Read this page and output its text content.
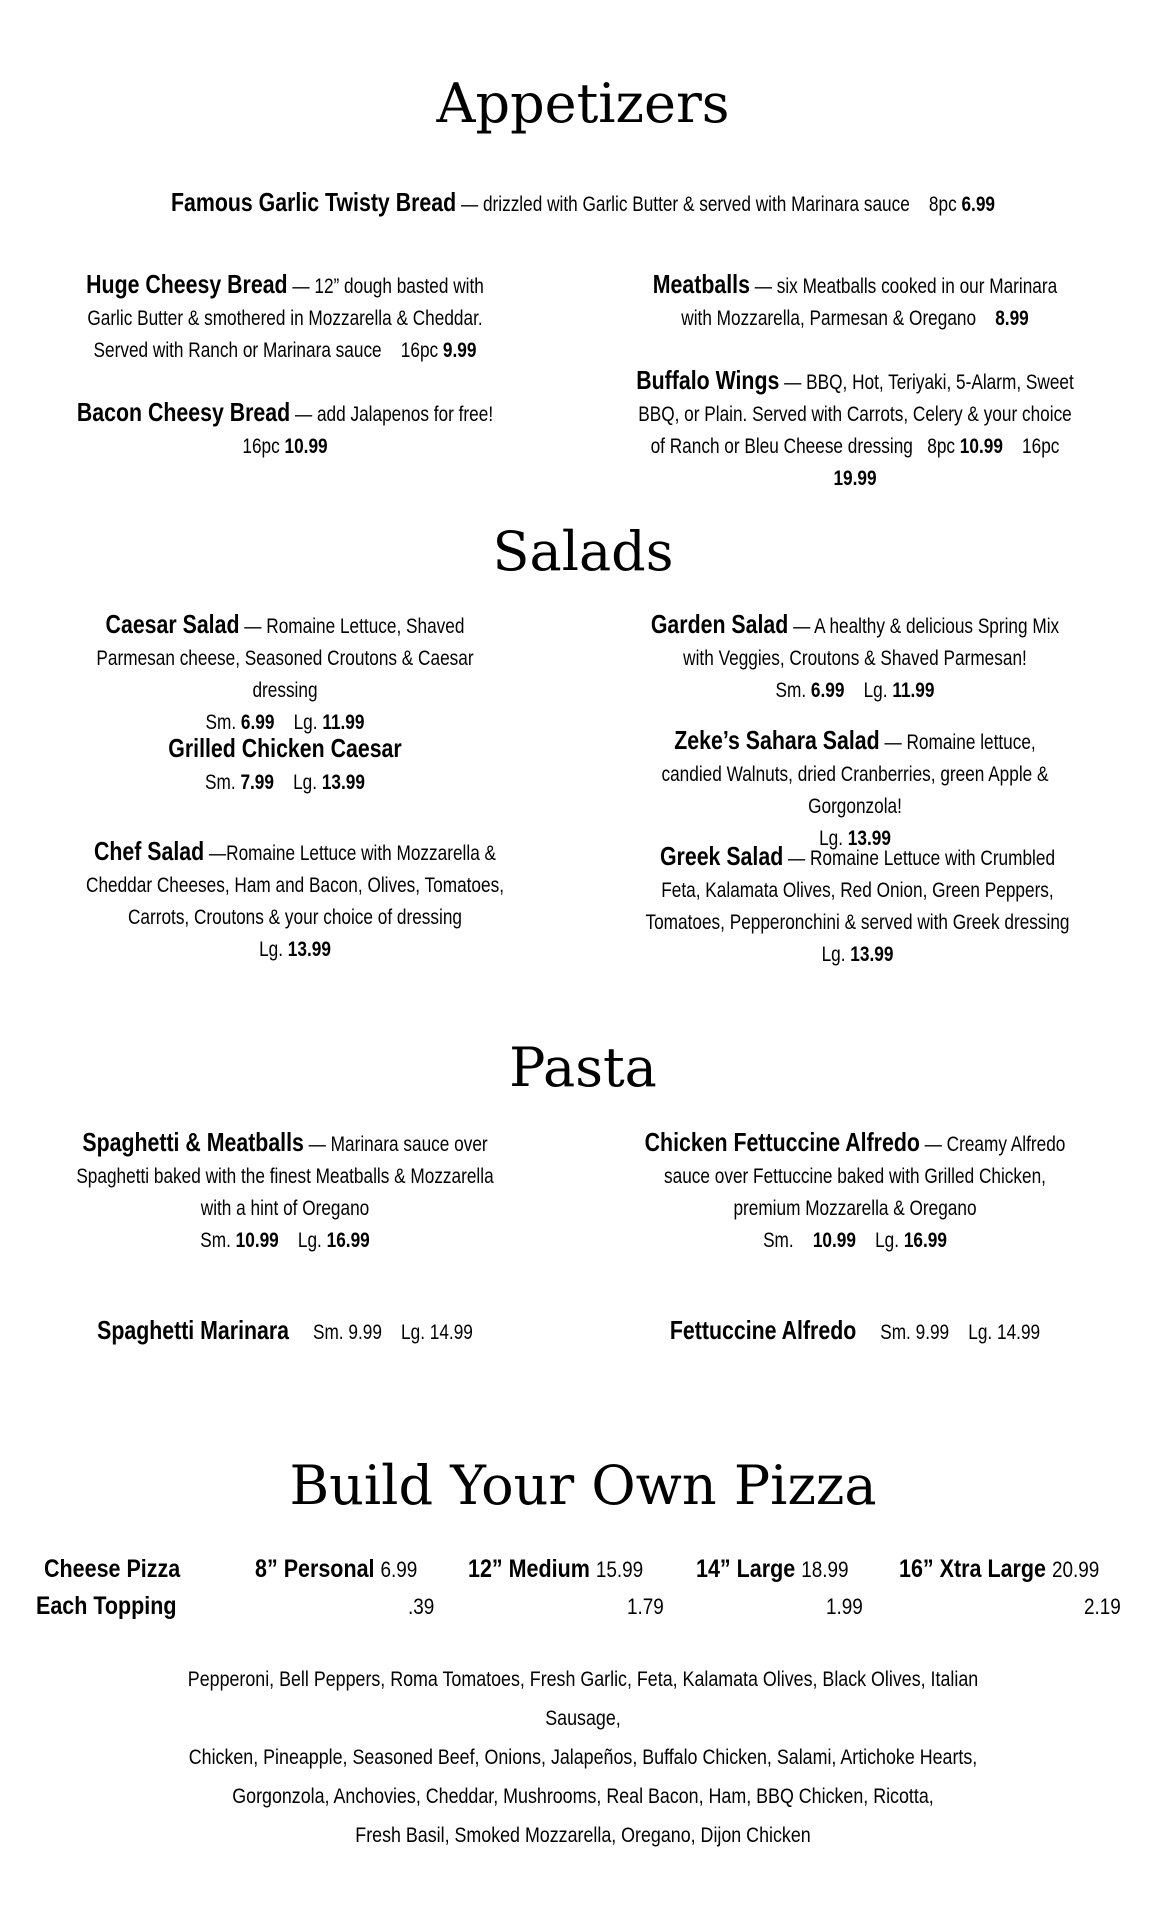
Appetizers
Famous Garlic Twisty Bread — drizzled with Garlic Butter & served with Marinara sauce 8pc 6.99
Huge Cheesy Bread — 12” dough basted with Garlic Butter & smothered in Mozzarella & Cheddar. Served with Ranch or Marinara sauce 16pc 9.99
Bacon Cheesy Bread — add Jalapenos for free!
16pc 10.99
Meatballs — six Meatballs cooked in our Marinara with Mozzarella, Parmesan & Oregano 8.99
Buffalo Wings — BBQ, Hot, Teriyaki, 5-Alarm, Sweet BBQ, or Plain. Served with Carrots, Celery & your choice of Ranch or Bleu Cheese dressing 8pc 10.99 16pc 19.99
Salads
Caesar Salad — Romaine Lettuce, Shaved Parmesan cheese, Seasoned Croutons & Caesar dressing
Sm. 6.99 Lg. 11.99
Grilled Chicken Caesar
Sm. 7.99 Lg. 13.99
Chef Salad —Romaine Lettuce with Mozzarella & Cheddar Cheeses, Ham and Bacon, Olives, Tomatoes, Carrots, Croutons & your choice of dressing
Lg. 13.99
Garden Salad — A healthy & delicious Spring Mix with Veggies, Croutons & Shaved Parmesan!
Sm. 6.99 Lg. 11.99
Zeke’s Sahara Salad — Romaine lettuce, candied Walnuts, dried Cranberries, green Apple & Gorgonzola!
Lg. 13.99
Greek Salad — Romaine Lettuce with Crumbled Feta, Kalamata Olives, Red Onion, Green Peppers, Tomatoes, Pepperonchini & served with Greek dressing
Lg. 13.99
Pasta
Spaghetti & Meatballs — Marinara sauce over Spaghetti baked with the finest Meatballs & Mozzarella with a hint of Oregano
Sm. 10.99 Lg. 16.99
Chicken Fettuccine Alfredo — Creamy Alfredo sauce over Fettuccine baked with Grilled Chicken, premium Mozzarella & Oregano
Sm. 10.99 Lg. 16.99
Spaghetti Marinara Sm. 9.99 Lg. 14.99	Fettuccine Alfredo Sm. 9.99 Lg. 14.99
Build Your Own Pizza
Cheese Pizza
Each Topping
8” Personal 6.99
.39
12” Medium 15.99
1.79
14” Large 18.99
1.99
16” Xtra Large 20.99
2.19
Pepperoni, Bell Peppers, Roma Tomatoes, Fresh Garlic, Feta, Kalamata Olives, Black Olives, Italian Sausage,
Chicken, Pineapple, Seasoned Beef, Onions, Jalapeños, Buffalo Chicken, Salami, Artichoke Hearts,
Gorgonzola, Anchovies, Cheddar, Mushrooms, Real Bacon, Ham, BBQ Chicken, Ricotta,
Fresh Basil, Smoked Mozzarella, Oregano, Dijon Chicken
